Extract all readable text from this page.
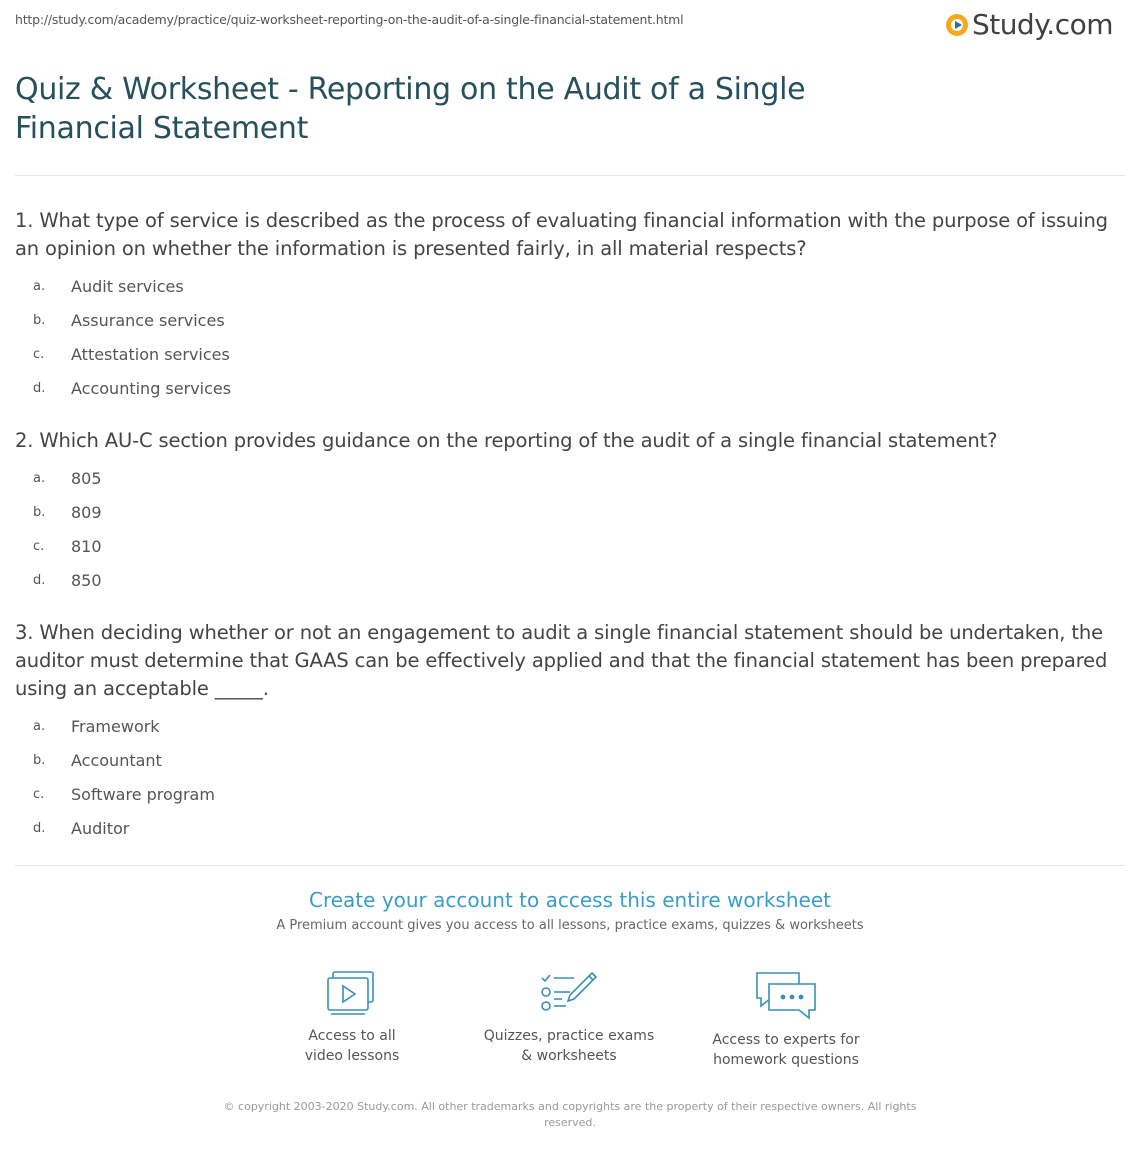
http://study.com/academy/practice/quiz-worksheet-reporting-on-the-audit-of-a-single-financial-statement.html	Study.com
Quiz & Worksheet - Reporting on the Audit of a Single Financial Statement
1. What type of service is described as the process of evaluating financial information with the purpose of issuing an opinion on whether the information is presented fairly, in all material respects?
a.	Audit services
b.	Assurance services
c.	Attestation services
d.	Accounting services
2. Which AU-C section provides guidance on the reporting of the audit of a single financial statement?
a.	805
b.	809
c.	810
d.	850
3. When deciding whether or not an engagement to audit a single financial statement should be undertaken, the auditor must determine that GAAS can be effectively applied and that the financial statement has been prepared using an acceptable _____.
a.	Framework
b.	Accountant
c.	Software program
d.	Auditor
Create your account to access this entire worksheet
A Premium account gives you access to all lessons, practice exams, quizzes & worksheets
Access to all
video lessons
Quizzes, practice exams
& worksheets
Access to experts for
homework questions
© copyright 2003-2020 Study.com. All other trademarks and copyrights are the property of their respective owners. All rights reserved.
